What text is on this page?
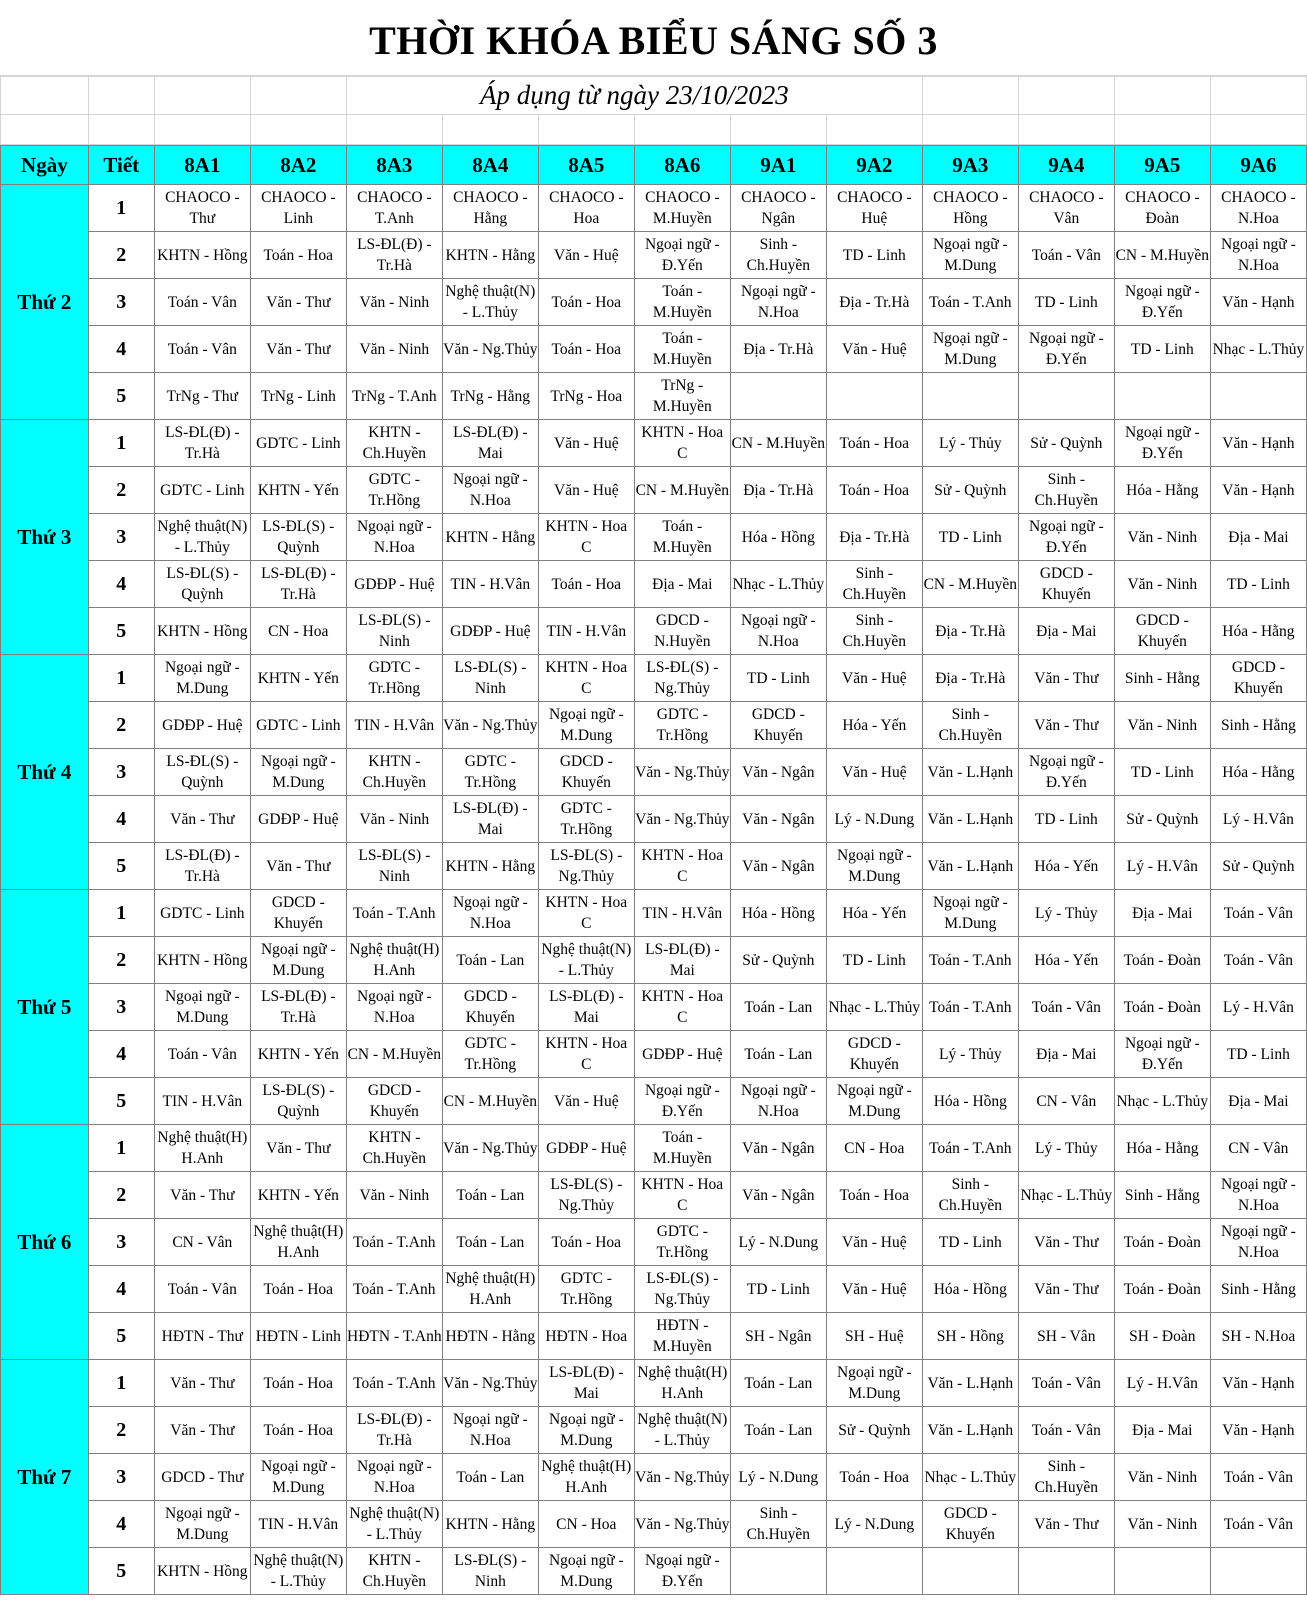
THỜI KHÓA BIỂU SÁNG SỐ 3
				Áp dụng từ ngày 23/10/2023									

Ngày	Tiết	8A1	8A2	8A3	8A4	8A5	8A6	9A1	9A2	9A3	9A4	9A5	9A6
Thứ 2	1	CHAOCO - Thư	CHAOCO - Linh	CHAOCO - T.Anh	CHAOCO - Hằng	CHAOCO - Hoa	CHAOCO - M.Huyền	CHAOCO - Ngân	CHAOCO - Huệ	CHAOCO - Hồng	CHAOCO - Vân	CHAOCO - Đoàn	CHAOCO - N.Hoa
	2	KHTN - Hồng	Toán - Hoa	LS-ĐL(Đ) - Tr.Hà	KHTN - Hằng	Văn - Huệ	Ngoại ngữ - Đ.Yến	Sinh - Ch.Huyền	TD - Linh	Ngoại ngữ - M.Dung	Toán - Vân	CN - M.Huyền	Ngoại ngữ - N.Hoa
	3	Toán - Vân	Văn - Thư	Văn - Ninh	Nghệ thuật(N) - L.Thủy	Toán - Hoa	Toán - M.Huyền	Ngoại ngữ - N.Hoa	Địa - Tr.Hà	Toán - T.Anh	TD - Linh	Ngoại ngữ - Đ.Yến	Văn - Hạnh
	4	Toán - Vân	Văn - Thư	Văn - Ninh	Văn - Ng.Thủy	Toán - Hoa	Toán - M.Huyền	Địa - Tr.Hà	Văn - Huệ	Ngoại ngữ - M.Dung	Ngoại ngữ - Đ.Yến	TD - Linh	Nhạc - L.Thủy
	5	TrNg - Thư	TrNg - Linh	TrNg - T.Anh	TrNg - Hằng	TrNg - Hoa	TrNg - M.Huyền						
Thứ 3	1	LS-ĐL(Đ) - Tr.Hà	GDTC - Linh	KHTN - Ch.Huyền	LS-ĐL(Đ) - Mai	Văn - Huệ	KHTN - Hoa C	CN - M.Huyền	Toán - Hoa	Lý - Thủy	Sử - Quỳnh	Ngoại ngữ - Đ.Yến	Văn - Hạnh
	2	GDTC - Linh	KHTN - Yến	GDTC - Tr.Hồng	Ngoại ngữ - N.Hoa	Văn - Huệ	CN - M.Huyền	Địa - Tr.Hà	Toán - Hoa	Sử - Quỳnh	Sinh - Ch.Huyền	Hóa - Hằng	Văn - Hạnh
	3	Nghệ thuật(N) - L.Thủy	LS-ĐL(S) - Quỳnh	Ngoại ngữ - N.Hoa	KHTN - Hằng	KHTN - Hoa C	Toán - M.Huyền	Hóa - Hồng	Địa - Tr.Hà	TD - Linh	Ngoại ngữ - Đ.Yến	Văn - Ninh	Địa - Mai
	4	LS-ĐL(S) - Quỳnh	LS-ĐL(Đ) - Tr.Hà	GDĐP - Huệ	TIN - H.Vân	Toán - Hoa	Địa - Mai	Nhạc - L.Thủy	Sinh - Ch.Huyền	CN - M.Huyền	GDCD - Khuyến	Văn - Ninh	TD - Linh
	5	KHTN - Hồng	CN - Hoa	LS-ĐL(S) - Ninh	GDĐP - Huệ	TIN - H.Vân	GDCD - N.Huyền	Ngoại ngữ - N.Hoa	Sinh - Ch.Huyền	Địa - Tr.Hà	Địa - Mai	GDCD - Khuyến	Hóa - Hằng
Thứ 4	1	Ngoại ngữ - M.Dung	KHTN - Yến	GDTC - Tr.Hồng	LS-ĐL(S) - Ninh	KHTN - Hoa C	LS-ĐL(S) - Ng.Thủy	TD - Linh	Văn - Huệ	Địa - Tr.Hà	Văn - Thư	Sinh - Hằng	GDCD - Khuyến
	2	GDĐP - Huệ	GDTC - Linh	TIN - H.Vân	Văn - Ng.Thủy	Ngoại ngữ - M.Dung	GDTC - Tr.Hồng	GDCD - Khuyến	Hóa - Yến	Sinh - Ch.Huyền	Văn - Thư	Văn - Ninh	Sinh - Hằng
	3	LS-ĐL(S) - Quỳnh	Ngoại ngữ - M.Dung	KHTN - Ch.Huyền	GDTC - Tr.Hồng	GDCD - Khuyến	Văn - Ng.Thủy	Văn - Ngân	Văn - Huệ	Văn - L.Hạnh	Ngoại ngữ - Đ.Yến	TD - Linh	Hóa - Hằng
	4	Văn - Thư	GDĐP - Huệ	Văn - Ninh	LS-ĐL(Đ) - Mai	GDTC - Tr.Hồng	Văn - Ng.Thủy	Văn - Ngân	Lý - N.Dung	Văn - L.Hạnh	TD - Linh	Sử - Quỳnh	Lý - H.Vân
	5	LS-ĐL(Đ) - Tr.Hà	Văn - Thư	LS-ĐL(S) - Ninh	KHTN - Hằng	LS-ĐL(S) - Ng.Thủy	KHTN - Hoa C	Văn - Ngân	Ngoại ngữ - M.Dung	Văn - L.Hạnh	Hóa - Yến	Lý - H.Vân	Sử - Quỳnh
Thứ 5	1	GDTC - Linh	GDCD - Khuyến	Toán - T.Anh	Ngoại ngữ - N.Hoa	KHTN - Hoa C	TIN - H.Vân	Hóa - Hồng	Hóa - Yến	Ngoại ngữ - M.Dung	Lý - Thủy	Địa - Mai	Toán - Vân
	2	KHTN - Hồng	Ngoại ngữ - M.Dung	Nghệ thuật(H) H.Anh	Toán - Lan	Nghệ thuật(N) - L.Thủy	LS-ĐL(Đ) - Mai	Sử - Quỳnh	TD - Linh	Toán - T.Anh	Hóa - Yến	Toán - Đoàn	Toán - Vân
	3	Ngoại ngữ - M.Dung	LS-ĐL(Đ) - Tr.Hà	Ngoại ngữ - N.Hoa	GDCD - Khuyến	LS-ĐL(Đ) - Mai	KHTN - Hoa C	Toán - Lan	Nhạc - L.Thủy	Toán - T.Anh	Toán - Vân	Toán - Đoàn	Lý - H.Vân
	4	Toán - Vân	KHTN - Yến	CN - M.Huyền	GDTC - Tr.Hồng	KHTN - Hoa C	GDĐP - Huệ	Toán - Lan	GDCD - Khuyến	Lý - Thủy	Địa - Mai	Ngoại ngữ - Đ.Yến	TD - Linh
	5	TIN - H.Vân	LS-ĐL(S) - Quỳnh	GDCD - Khuyến	CN - M.Huyền	Văn - Huệ	Ngoại ngữ - Đ.Yến	Ngoại ngữ - N.Hoa	Ngoại ngữ - M.Dung	Hóa - Hồng	CN - Vân	Nhạc - L.Thủy	Địa - Mai
Thứ 6	1	Nghệ thuật(H) H.Anh	Văn - Thư	KHTN - Ch.Huyền	Văn - Ng.Thủy	GDĐP - Huệ	Toán - M.Huyền	Văn - Ngân	CN - Hoa	Toán - T.Anh	Lý - Thủy	Hóa - Hằng	CN - Vân
	2	Văn - Thư	KHTN - Yến	Văn - Ninh	Toán - Lan	LS-ĐL(S) - Ng.Thủy	KHTN - Hoa C	Văn - Ngân	Toán - Hoa	Sinh - Ch.Huyền	Nhạc - L.Thủy	Sinh - Hằng	Ngoại ngữ - N.Hoa
	3	CN - Vân	Nghệ thuật(H) H.Anh	Toán - T.Anh	Toán - Lan	Toán - Hoa	GDTC - Tr.Hồng	Lý - N.Dung	Văn - Huệ	TD - Linh	Văn - Thư	Toán - Đoàn	Ngoại ngữ - N.Hoa
	4	Toán - Vân	Toán - Hoa	Toán - T.Anh	Nghệ thuật(H) H.Anh	GDTC - Tr.Hồng	LS-ĐL(S) - Ng.Thủy	TD - Linh	Văn - Huệ	Hóa - Hồng	Văn - Thư	Toán - Đoàn	Sinh - Hằng
	5	HĐTN - Thư	HĐTN - Linh	HĐTN - T.Anh	HĐTN - Hằng	HĐTN - Hoa	HĐTN - M.Huyền	SH - Ngân	SH - Huệ	SH - Hồng	SH - Vân	SH - Đoàn	SH - N.Hoa
Thứ 7	1	Văn - Thư	Toán - Hoa	Toán - T.Anh	Văn - Ng.Thủy	LS-ĐL(Đ) - Mai	Nghệ thuật(H) H.Anh	Toán - Lan	Ngoại ngữ - M.Dung	Văn - L.Hạnh	Toán - Vân	Lý - H.Vân	Văn - Hạnh
	2	Văn - Thư	Toán - Hoa	LS-ĐL(Đ) - Tr.Hà	Ngoại ngữ - N.Hoa	Ngoại ngữ - M.Dung	Nghệ thuật(N) - L.Thủy	Toán - Lan	Sử - Quỳnh	Văn - L.Hạnh	Toán - Vân	Địa - Mai	Văn - Hạnh
	3	GDCD - Thư	Ngoại ngữ - M.Dung	Ngoại ngữ - N.Hoa	Toán - Lan	Nghệ thuật(H) H.Anh	Văn - Ng.Thủy	Lý - N.Dung	Toán - Hoa	Nhạc - L.Thủy	Sinh - Ch.Huyền	Văn - Ninh	Toán - Vân
	4	Ngoại ngữ - M.Dung	TIN - H.Vân	Nghệ thuật(N) - L.Thủy	KHTN - Hằng	CN - Hoa	Văn - Ng.Thủy	Sinh - Ch.Huyền	Lý - N.Dung	GDCD - Khuyến	Văn - Thư	Văn - Ninh	Toán - Vân
	5	KHTN - Hồng	Nghệ thuật(N) - L.Thủy	KHTN - Ch.Huyền	LS-ĐL(S) - Ninh	Ngoại ngữ - M.Dung	Ngoại ngữ - Đ.Yến						
